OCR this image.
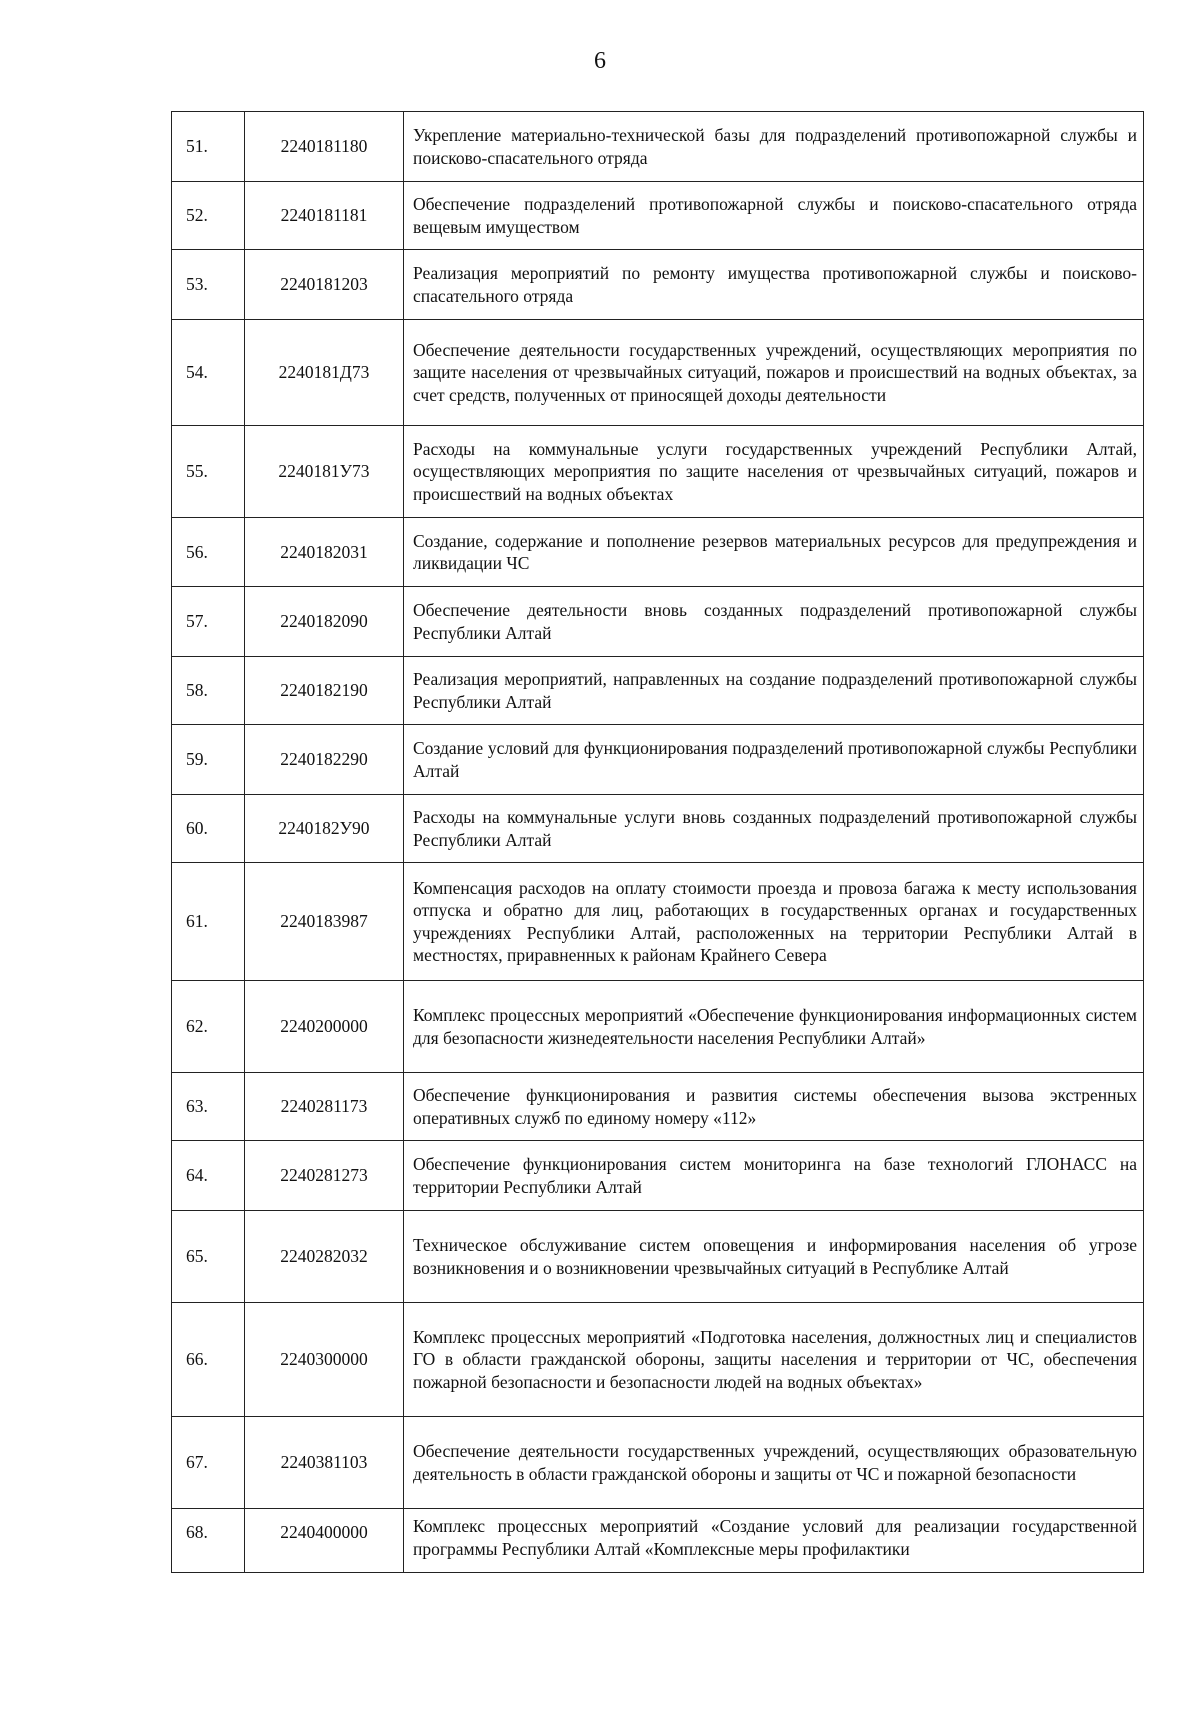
6
51.	2240181180	Укрепление материально-технической базы для подразделений противопожарной службы и поисково-спасательного отряда
52.	2240181181	Обеспечение подразделений противопожарной службы и поисково-спасательного отряда вещевым имуществом
53.	2240181203	Реализация мероприятий по ремонту имущества противопожарной службы и поисково-спасательного отряда
54.	2240181Д73	Обеспечение деятельности государственных учреждений, осуществляющих мероприятия по защите населения от чрезвычайных ситуаций, пожаров и происшествий на водных объектах, за счет средств, полученных от приносящей доходы деятельности
55.	2240181У73	Расходы на коммунальные услуги государственных учреждений Республики Алтай, осуществляющих мероприятия по защите населения от чрезвычайных ситуаций, пожаров и происшествий на водных объектах
56.	2240182031	Создание, содержание и пополнение резервов материальных ресурсов для предупреждения и ликвидации ЧС
57.	2240182090	Обеспечение деятельности вновь созданных подразделений противопожарной службы Республики Алтай
58.	2240182190	Реализация мероприятий, направленных на создание подразделений противопожарной службы Республики Алтай
59.	2240182290	Создание условий для функционирования подразделений противопожарной службы Республики Алтай
60.	2240182У90	Расходы на коммунальные услуги вновь созданных подразделений противопожарной службы Республики Алтай
61.	2240183987	Компенсация расходов на оплату стоимости проезда и провоза багажа к месту использования отпуска и обратно для лиц, работающих в государственных органах и государственных учреждениях Республики Алтай, расположенных на территории Республики Алтай в местностях, приравненных к районам Крайнего Севера
62.	2240200000	Комплекс процессных мероприятий «Обеспечение функционирования информационных систем для безопасности жизнедеятельности населения Республики Алтай»
63.	2240281173	Обеспечение функционирования и развития системы обеспечения вызова экстренных оперативных служб по единому номеру «112»
64.	2240281273	Обеспечение функционирования систем мониторинга на базе технологий ГЛОНАСС на территории Республики Алтай
65.	2240282032	Техническое обслуживание систем оповещения и информирования населения об угрозе возникновения и о возникновении чрезвычайных ситуаций в Республике Алтай
66.	2240300000	Комплекс процессных мероприятий «Подготовка населения, должностных лиц и специалистов ГО в области гражданской обороны, защиты населения и территории от ЧС, обеспечения пожарной безопасности и безопасности людей на водных объектах»
67.	2240381103	Обеспечение деятельности государственных учреждений, осуществляющих образовательную деятельность в области гражданской обороны и защиты от ЧС и пожарной безопасности
68.	2240400000	Комплекс процессных мероприятий «Создание условий для реализации государственной программы Республики Алтай «Комплексные меры профилактики
